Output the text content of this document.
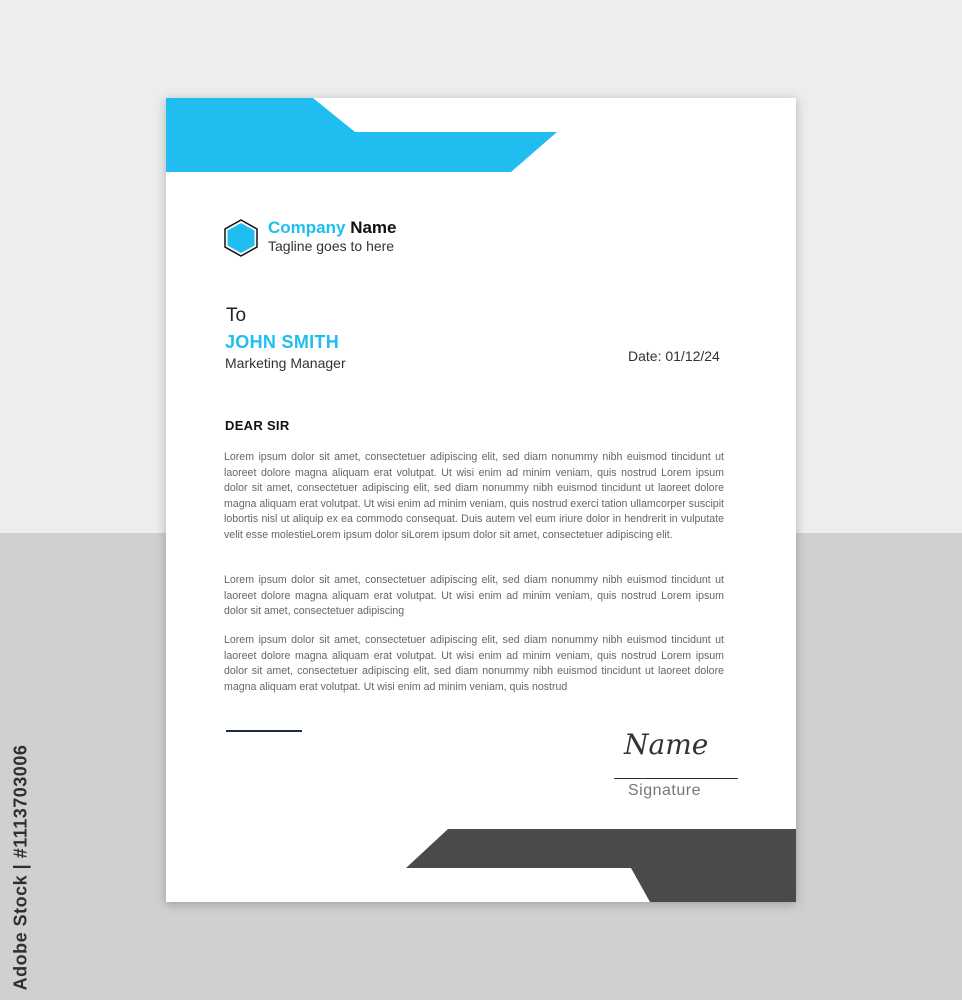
Adobe Stock | #1113703006
Company Name
Tagline goes to here
To
JOHN SMITH
Marketing Manager	Date: 01/12/24
DEAR SIR

Lorem ipsum dolor sit amet, consectetuer adipiscing elit, sed diam nonummy nibh euismod tincidunt ut laoreet dolore magna aliquam erat volutpat. Ut wisi enim ad minim veniam, quis nostrud Lorem ipsum dolor sit amet, consectetuer adipiscing elit, sed diam nonummy nibh euismod tincidunt ut laoreet dolore magna aliquam erat volutpat. Ut wisi enim ad minim veniam, quis nostrud exerci tation ullamcorper suscipit lobortis nisl ut aliquip ex ea commodo consequat. Duis autem vel eum iriure dolor in hendrerit in vulputate velit esse molestieLorem ipsum dolor siLorem ipsum dolor sit amet, consectetuer adipiscing elit.

Lorem ipsum dolor sit amet, consectetuer adipiscing elit, sed diam nonummy nibh euismod tincidunt ut laoreet dolore magna aliquam erat volutpat. Ut wisi enim ad minim veniam, quis nostrud Lorem ipsum dolor sit amet, consectetuer adipiscing

Lorem ipsum dolor sit amet, consectetuer adipiscing elit, sed diam nonummy nibh euismod tincidunt ut laoreet dolore magna aliquam erat volutpat. Ut wisi enim ad minim veniam, quis nostrud Lorem ipsum dolor sit amet, consectetuer adipiscing elit, sed diam nonummy nibh euismod tincidunt ut laoreet dolore magna aliquam erat volutpat. Ut wisi enim ad minim veniam, quis nostrud

Name
Signature
